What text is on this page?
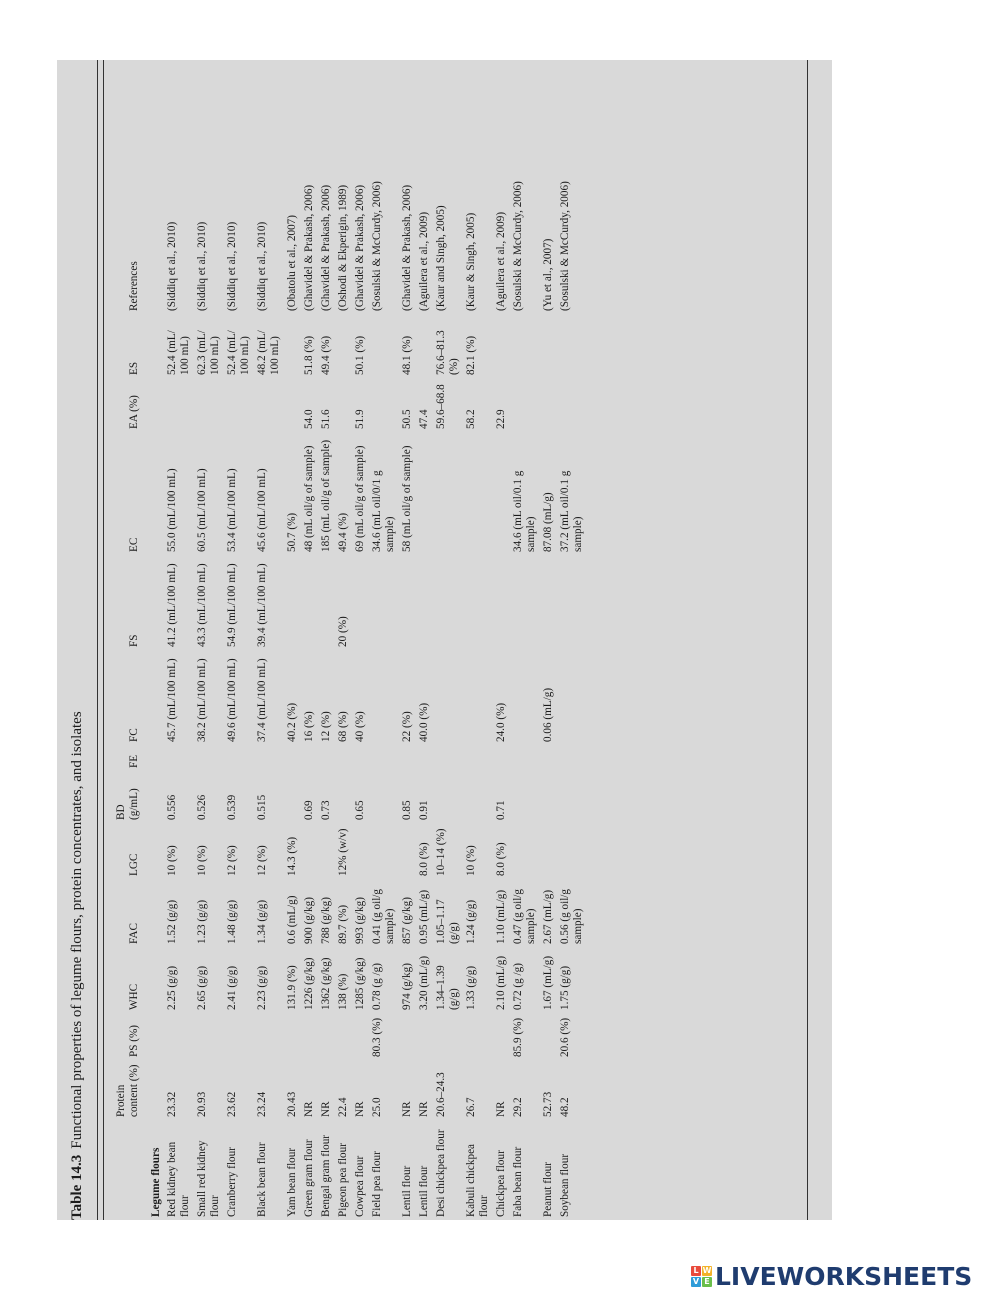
Table 14.3Functional properties of legume flours, protein concentrates, and isolates
		Protein content (%)	PS (%)	WHC	FAC	LGC	BD (g/mL)	FE	FC	FS	EC	EA (%)	ES	References
Legume flours													
Red kidney bean flour	23.32		2.25 (g/g)	1.52 (g/g)	10 (%)	0.556		45.7 (mL/100 mL)	41.2 (mL/100 mL)	55.0 (mL/100 mL)		52.4 (mL/ 100 mL)	(Siddiq et al., 2010)

Small red kidney flour	20.93		2.65 (g/g)	1.23 (g/g)	10 (%)	0.526		38.2 (mL/100 mL)	43.3 (mL/100 mL)	60.5 (mL/100 mL)		62.3 (mL/ 100 mL)	(Siddiq et al., 2010)

Cranberry flour	23.62		2.41 (g/g)	1.48 (g/g)	12 (%)	0.539		49.6 (mL/100 mL)	54.9 (mL/100 mL)	53.4 (mL/100 mL)		52.4 (mL/ 100 mL)	(Siddiq et al., 2010)

Black bean flour	23.24		2.23 (g/g)	1.34 (g/g)	12 (%)	0.515		37.4 (mL/100 mL)	39.4 (mL/100 mL)	45.6 (mL/100 mL)		48.2 (mL/ 100 mL)	(Siddiq et al., 2010)

Yam bean flour	20.43		131.9 (%)	0.6 (mL/g)	14.3 (%)			40.2 (%)		50.7 (%)			(Obatolu et al., 2007)

Green gram flour	NR		1226 (g/kg)	900 (g/kg)		0.69		16 (%)		48 (mL oil/g of sample)	54.0	51.8 (%)	(Ghavidel & Prakash, 2006)

Bengal gram flour	NR		1362 (g/kg)	788 (g/kg)		0.73		12 (%)		185 (mL oil/g of sample)	51.6	49.4 (%)	(Ghavidel & Prakash, 2006)

Pigeon pea flour	22.4		138 (%)	89.7 (%)	12% (w/v)			68 (%)	20 (%)	49.4 (%)			(Oshodi & Ekperigin, 1989)

Cowpea flour	NR		1285 (g/kg)	993 (g/kg)		0.65		40 (%)		69 (mL oil/g of sample)	51.9	50.1 (%)	(Ghavidel & Prakash, 2006)

Field pea flour	25.0	80.3 (%)	0.78 (g /g)	0.41 (g oil/g sample)						34.6 (mL oil/0/1 g sample)			(Sosulski & McCurdy, 2006)

Lentil flour	NR		974 (g/kg)	857 (g/kg)		0.85		22 (%)		58 (mL oil/g of sample)	50.5	48.1 (%)	(Ghavidel & Prakash, 2006)

Lentil flour	NR		3.20 (mL/g)	0.95 (mL/g)	8.0 (%)	0.91		40.0 (%)			47.4		(Aguilera et al., 2009)

Desi chickpea flour	20.6–24.3		1.34–1.39 (g/g)	1.05–1.17 (g/g)	10–14 (%)						59.6–68.8	76.6–81.3 (%)	(Kaur and Singh, 2005)

Kabuli chickpea flour	26.7		1.33 (g/g)	1.24 (g/g)	10 (%)						58.2	82.1 (%)	(Kaur & Singh, 2005)

Chickpea flour	NR		2.10 (mL/g)	1.10 (mL/g)	8.0 (%)	0.71		24.0 (%)			22.9		(Aguilera et al., 2009)

Faba bean flour	29.2	85.9 (%)	0.72 (g /g)	0.47 (g oil/g sample)						34.6 (mL oil/0.1 g sample)			(Sosulski & McCurdy, 2006)

Peanut flour	52.73		1.67 (mL/g)	2.67 (mL/g)				0.06 (mL/g)		87.08 (mL/g)			(Yu et al., 2007)

Soybean flour	48.2	20.6 (%)	1.75 (g/g)	0.56 (g oil/g sample)						37.2 (mL oil/0.1 g sample)			(Sosulski & McCurdy, 2006)
L W
V E LIVEWORKSHEETS
